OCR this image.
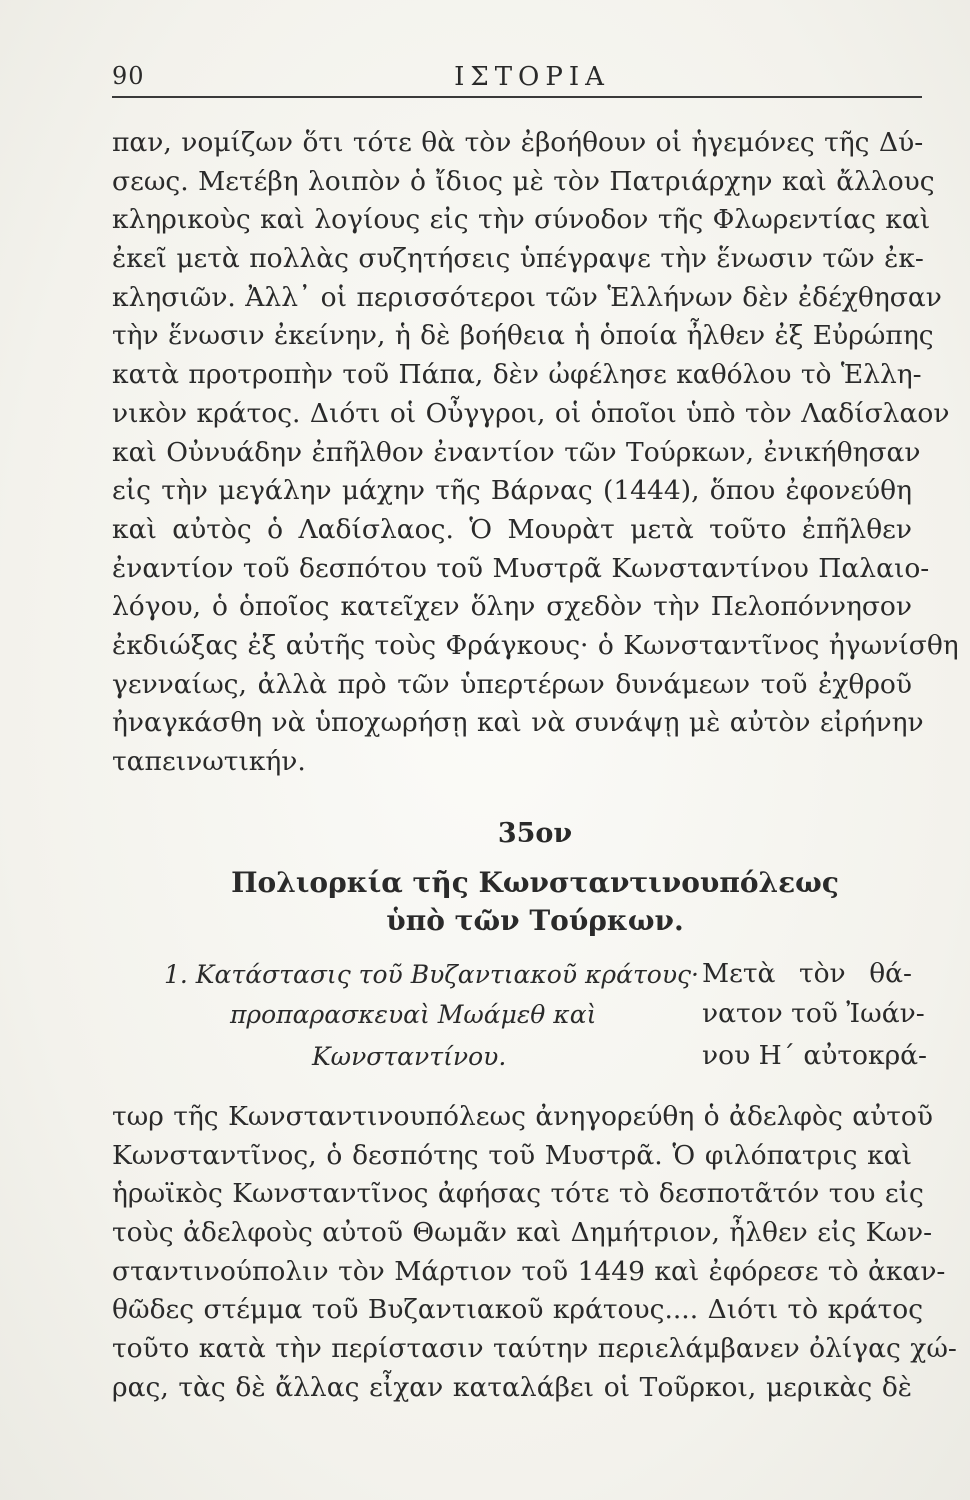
90	ΙΣΤΟΡΙΑ
παν, νομίζων ὅτι τότε θὰ τὸν ἐβοήθουν οἱ ἡγεμόνες τῆς Δύ-
σεως. Μετέβη λοιπὸν ὁ ἴδιος μὲ τὸν Πατριάρχην καὶ ἄλλους
κληρικοὺς καὶ λογίους εἰς τὴν σύνοδον τῆς Φλωρεντίας καὶ
ἐκεῖ μετὰ πολλὰς συζητήσεις ὑπέγραψε τὴν ἕνωσιν τῶν ἐκ-
κλησιῶν. Ἀλλ᾽ οἱ περισσότεροι τῶν Ἑλλήνων δὲν ἐδέχθησαν
τὴν ἕνωσιν ἐκείνην, ἡ δὲ βοήθεια ἡ ὁποία ἦλθεν ἐξ Εὐρώπης
κατὰ προτροπὴν τοῦ Πάπα, δὲν ὠφέλησε καθόλου τὸ Ἑλλη-
νικὸν κράτος. Διότι οἱ Οὖγγροι, οἱ ὁποῖοι ὑπὸ τὸν Λαδίσλαον
καὶ Οὐνυάδην ἐπῆλθον ἐναντίον τῶν Τούρκων, ἐνικήθησαν
εἰς τὴν μεγάλην μάχην τῆς Βάρνας (1444), ὅπου ἐφονεύθη
καὶ αὐτὸς ὁ Λαδίσλαος. Ὁ Μουρὰτ μετὰ τοῦτο ἐπῆλθεν
ἐναντίον τοῦ δεσπότου τοῦ Μυστρᾶ Κωνσταντίνου Παλαιο-
λόγου, ὁ ὁποῖος κατεῖχεν ὅλην σχεδὸν τὴν Πελοπόννησον
ἐκδιώξας ἐξ αὐτῆς τοὺς Φράγκους· ὁ Κωνσταντῖνος ἠγωνίσθη
γενναίως, ἀλλὰ πρὸ τῶν ὑπερτέρων δυνάμεων τοῦ ἐχθροῦ
ἠναγκάσθη νὰ ὑποχωρήσῃ καὶ νὰ συνάψῃ μὲ αὐτὸν εἰρήνην
ταπεινωτικήν.
35ον
Πολιορκία τῆς Κωνσταντινουπόλεως
ὑπὸ τῶν Τούρκων.
1. Κατάστασις τοῦ Βυζαντιακοῦ κράτους· Μετὰ τὸν θά-
προπαρασκευαὶ Μωάμεθ καὶ	νατον τοῦ Ἰωάν-
Κωνσταντίνου.	νου Η΄ αὐτοκρά-
τωρ τῆς Κωνσταντινουπόλεως ἀνηγορεύθη ὁ ἀδελφὸς αὐτοῦ
Κωνσταντῖνος, ὁ δεσπότης τοῦ Μυστρᾶ. Ὁ φιλόπατρις καὶ
ἡρωϊκὸς Κωνσταντῖνος ἀφήσας τότε τὸ δεσποτᾶτόν του εἰς
τοὺς ἀδελφοὺς αὐτοῦ Θωμᾶν καὶ Δημήτριον, ἦλθεν εἰς Κων-
σταντινούπολιν τὸν Μάρτιον τοῦ 1449 καὶ ἐφόρεσε τὸ ἀκαν-
θῶδες στέμμα τοῦ Βυζαντιακοῦ κράτους.... Διότι τὸ κράτος
τοῦτο κατὰ τὴν περίστασιν ταύτην περιελάμβανεν ὀλίγας χώ-
ρας, τὰς δὲ ἄλλας εἶχαν καταλάβει οἱ Τοῦρκοι, μερικὰς δὲ
